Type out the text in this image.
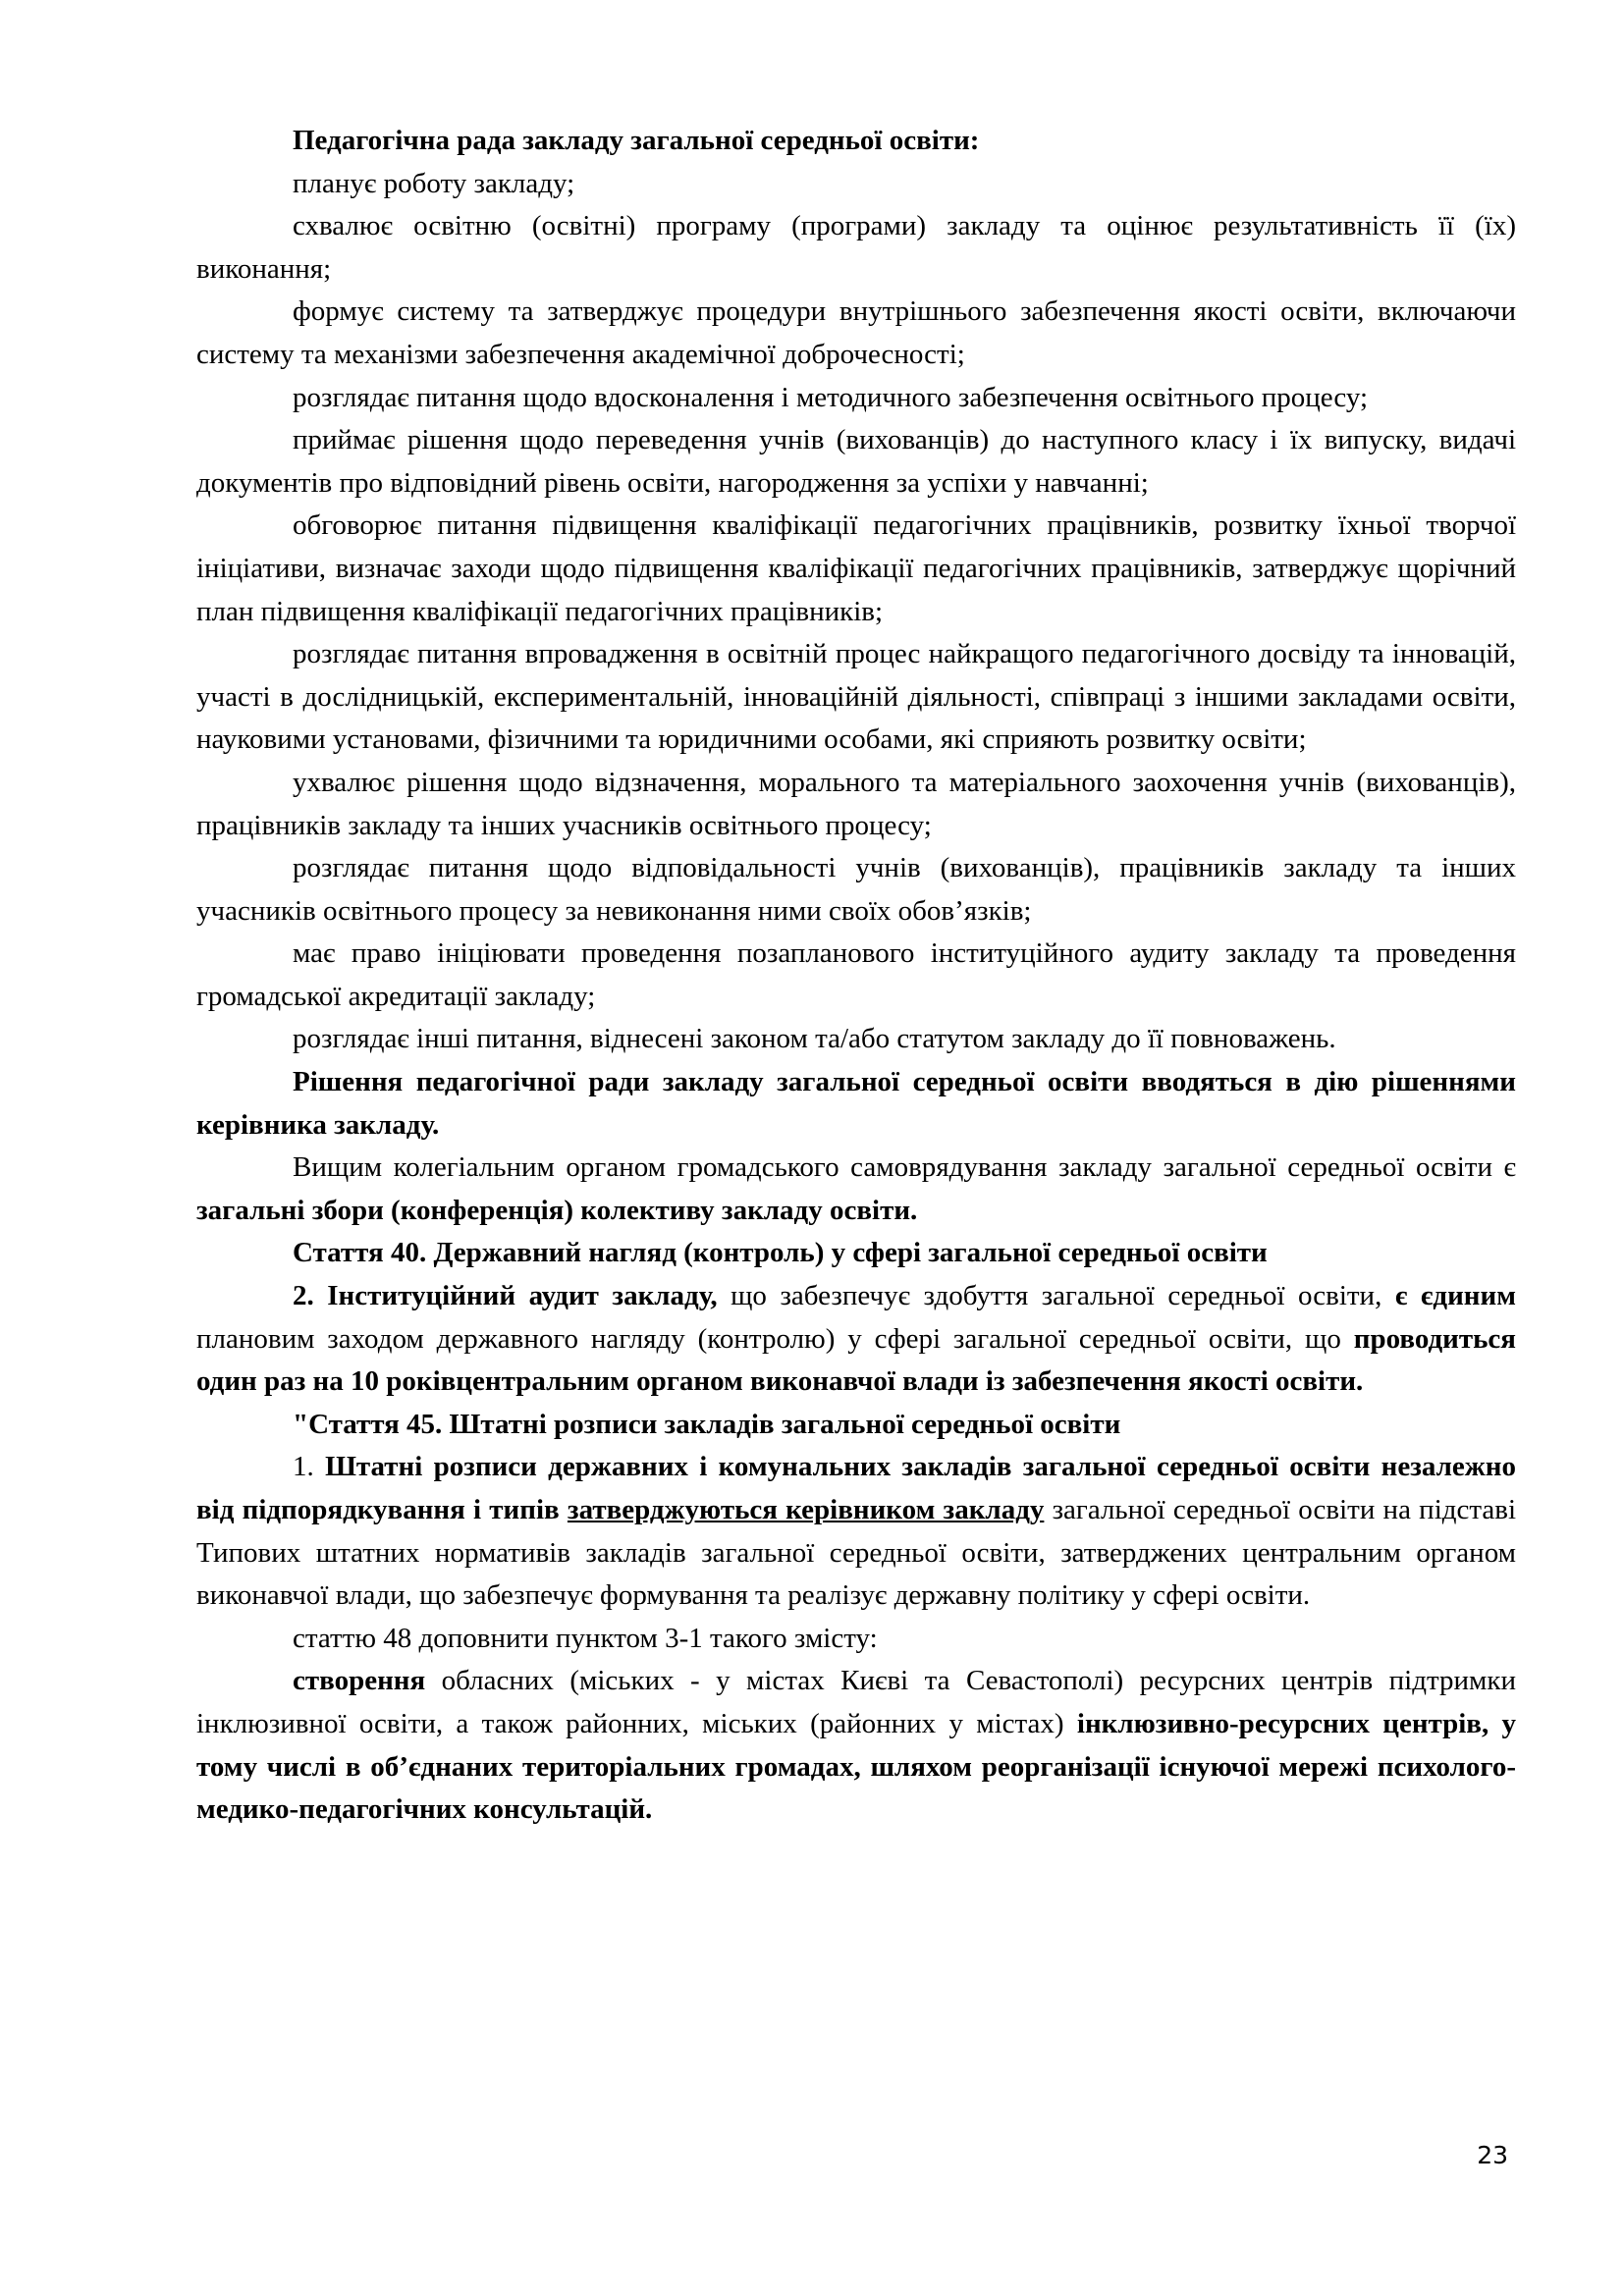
Педагогічна рада закладу загальної середньої освіти:

планує роботу закладу;

схвалює освітню (освітні) програму (програми) закладу та оцінює результативність її (їх) виконання;

формує систему та затверджує процедури внутрішнього забезпечення якості освіти, включаючи систему та механізми забезпечення академічної доброчесності;

розглядає питання щодо вдосконалення і методичного забезпечення освітнього процесу;

приймає рішення щодо переведення учнів (вихованців) до наступного класу і їх випуску, видачі документів про відповідний рівень освіти, нагородження за успіхи у навчанні;

обговорює питання підвищення кваліфікації педагогічних працівників, розвитку їхньої творчої ініціативи, визначає заходи щодо підвищення кваліфікації педагогічних працівників, затверджує щорічний план підвищення кваліфікації педагогічних працівників;

розглядає питання впровадження в освітній процес найкращого педагогічного досвіду та інновацій, участі в дослідницькій, експериментальній, інноваційній діяльності, співпраці з іншими закладами освіти, науковими установами, фізичними та юридичними особами, які сприяють розвитку освіти;

ухвалює рішення щодо відзначення, морального та матеріального заохочення учнів (вихованців), працівників закладу та інших учасників освітнього процесу;

розглядає питання щодо відповідальності учнів (вихованців), працівників закладу та інших учасників освітнього процесу за невиконання ними своїх обов’язків;

має право ініціювати проведення позапланового інституційного аудиту закладу та проведення громадської акредитації закладу;

розглядає інші питання, віднесені законом та/або статутом закладу до її повноважень.

Рішення педагогічної ради закладу загальної середньої освіти вводяться в дію рішеннями керівника закладу.

Вищим колегіальним органом громадського самоврядування закладу загальної середньої освіти є загальні збори (конференція) колективу закладу освіти.

Стаття 40. Державний нагляд (контроль) у сфері загальної середньої освіти

2. Інституційний аудит закладу, що забезпечує здобуття загальної середньої освіти, є єдиним плановим заходом державного нагляду (контролю) у сфері загальної середньої освіти, що проводиться один раз на 10 роківцентральним органом виконавчої влади із забезпечення якості освіти.

"Стаття 45. Штатні розписи закладів загальної середньої освіти

1. Штатні розписи державних і комунальних закладів загальної середньої освіти незалежно від підпорядкування і типів затверджуються керівником закладу загальної середньої освіти на підставі Типових штатних нормативів закладів загальної середньої освіти, затверджених центральним органом виконавчої влади, що забезпечує формування та реалізує державну політику у сфері освіти.

статтю 48 доповнити пунктом 3-1 такого змісту:

створення обласних (міських - у містах Києві та Севастополі) ресурсних центрів підтримки інклюзивної освіти, а також районних, міських (районних у містах) інклюзивно-ресурсних центрів, у тому числі в об’єднаних територіальних громадах, шляхом реорганізації існуючої мережі психолого-медико-педагогічних консультацій.

23
